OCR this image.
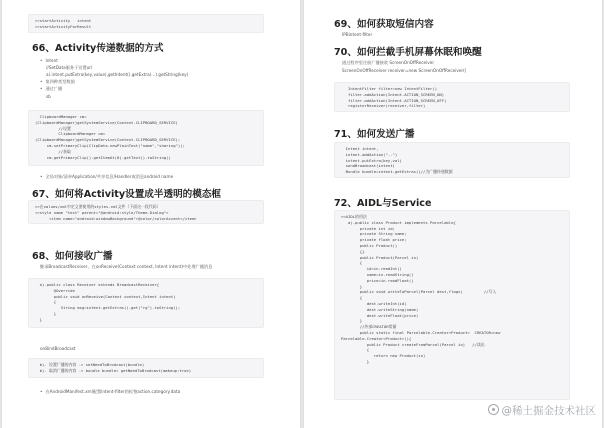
>>startActivity   intent
>>startActivityForResult
66、Activity传递数据的方式
• Intent
//SetData服务于设置url
a).intent.putExtra(key,value),getIntent().getExtra(...).getString(key)
• 第四种类型数据
• 通过广播
sb
ClipboardManager cm=
(ClipboardManager)getSystemService(Context.CLIPBOARD_SERVICE)
//设置
ClipboardManager cm=
(ClipboardManager)getSystemService(Context.CLIPBOARD_SERVICE);
cm.setPrimaryClip(ClipData.newPlainText("name","sharing"));
//获取
cm.getPrimaryClip().getItemAt(0).getText().toString()
• 全局对象/清单Application/共享信息/Handler或消息android name
67、如何将Activity设置成半透明的模态框
>>在values/xml中定义要使用的styles.xml文件（下面这一段代码）
<>style name "test" parent="@android:style/Theme.Dialog">
<item name="android:windowBackground">@color/colorAccent</item>
68、如何接收广播
继承BroadcastReceiver，在onReceive(Context context, Intent intent)中处理广播消息
a).public class Receiver extends BroadcastReceiver{
@Override
public void onReceive(Context context,Intent intent)
{
String msg=intent.getExtras().get("rg").toString();
}
}
onBindBroadcast
b). 设置广播的内容 -> setNeedToBrodcast(bundle)
b). 取消广播的内容 -> bundle bundle= getNeedToBrodcast(makeup:true)
• 在AndroidManifest.xml配置intent-filter的标签action.category.data
69、如何获取短信内容
IPBintent-filter
70、如何拦截手机屏幕休眠和唤醒
通过程序里注册广播接收 ScreenOnOffReceiver
ScreenOnOffReceiver receiver=new ScreenOnOffReceiver()
IntentFilter filter=new IntentFilter()
filter.addAction(Intent.ACTION_SCREEN_ON)
filter.addAction(Intent.ACTION_SCREEN_OFF)
registerReceiver(receiver,filter)
71、如何发送广播
Intent intent,
intent.addAction("..")
intent.putExtra(key,val)
sendBroadcast(intent)
Bundle bundle=intent.getExtras()//为广播传递数据
72、AIDL与Service
>>AIDL的用法
a).public class Product implements Parcelable{
private int id;
private String name;
private float price;
public Product()
{}
public Product(Parcel in)
{
id=in.readInt()
name=in.readString()
price=in.readFloat()
}
public void writeToParcel(Parcel dest,flags)         //写入
{
dest.writeInt(id)
dest.writeString(name)
dest.writeFloat(price)
}
//外部CREATOR常量
public static final Parcelable.Creator<Product>  CREATOR=new
Parcelable.Creator<Product>(){
public Product createFromParcel(Parcel in)   //读出
{
return new Product(in)
}
@稀土掘金技术社区
